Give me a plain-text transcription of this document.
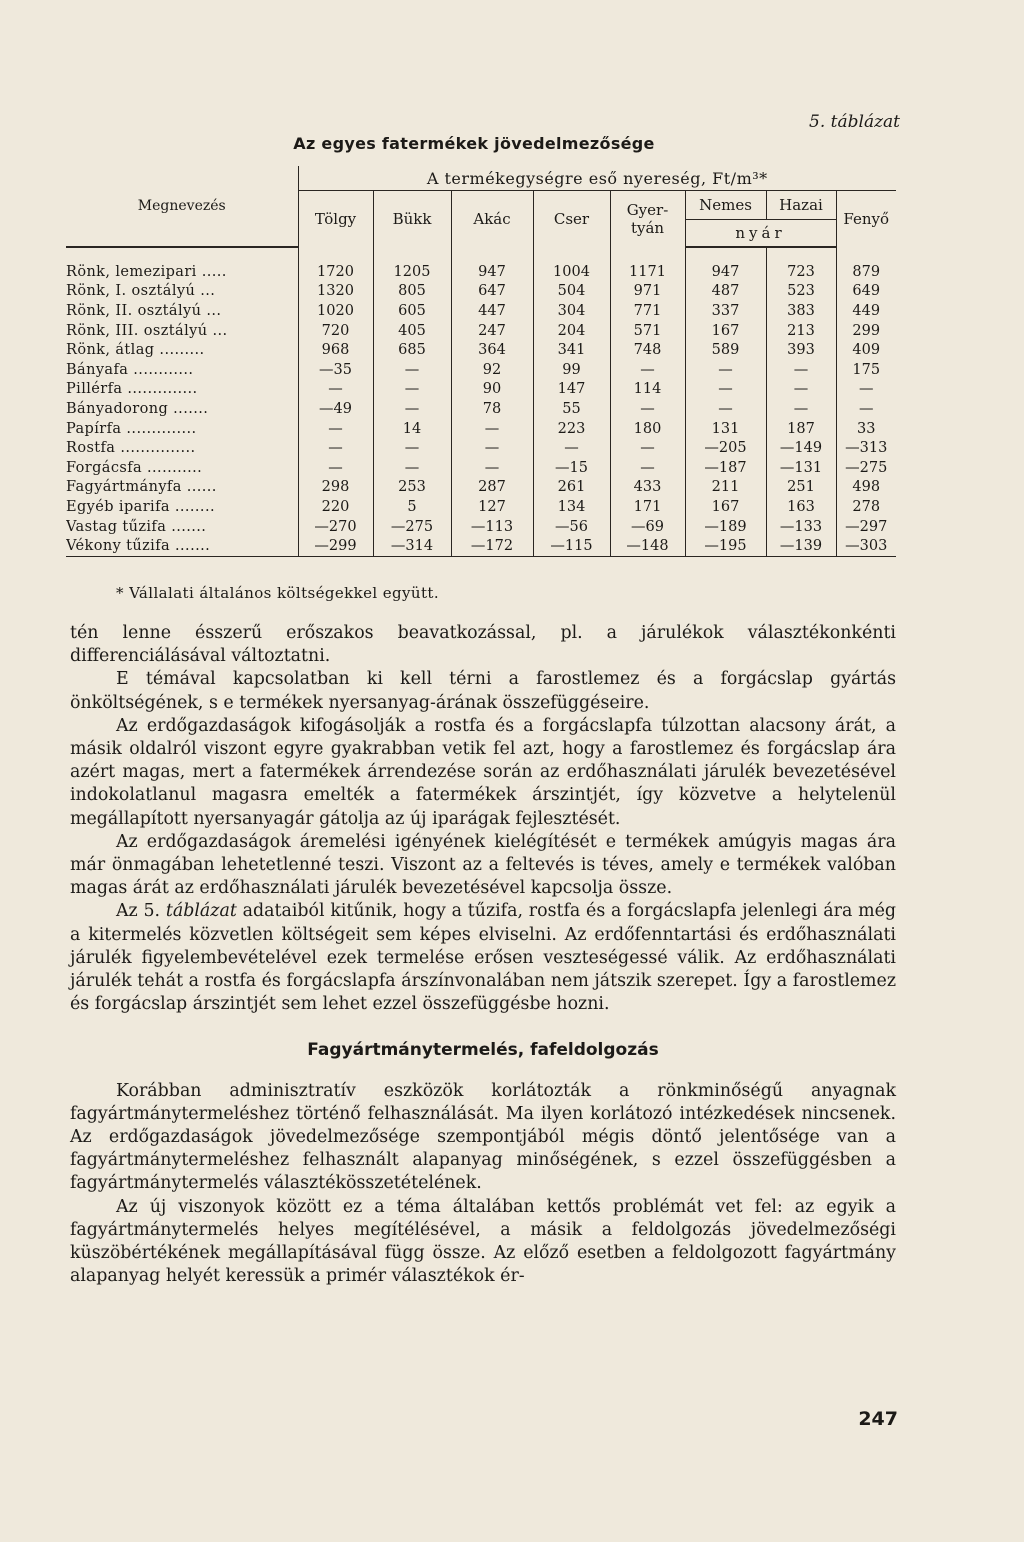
5. táblázat
Az egyes fatermékek jövedelmezősége
Megnevezés	A termékegységre eső nyereség, Ft/m³*							
	Tölgy	Bükk	Akác	Cser	Gyer-tyán	Nemes	Hazai	Fenyő
						nyár		

Rönk, lemezipari .....	1720	1205	947	1004	1171	947	723	879
Rönk, I. osztályú ...	1320	805	647	504	971	487	523	649
Rönk, II. osztályú ...	1020	605	447	304	771	337	383	449
Rönk, III. osztályú ...	720	405	247	204	571	167	213	299
Rönk, átlag .........	968	685	364	341	748	589	393	409
Bányafa ............	—35	—	92	99	—	—	—	175
Pillérfa ..............	—	—	90	147	114	—	—	—
Bányadorong .......	—49	—	78	55	—	—	—	—
Papírfa ..............	—	14	—	223	180	131	187	33
Rostfa ...............	—	—	—	—	—	—205	—149	—313
Forgácsfa ...........	—	—	—	—15	—	—187	—131	—275
Fagyártmányfa ......	298	253	287	261	433	211	251	498
Egyéb iparifa ........	220	5	127	134	171	167	163	278
Vastag tűzifa .......	—270	—275	—113	—56	—69	—189	—133	—297
Vékony tűzifa .......	—299	—314	—172	—115	—148	—195	—139	—303
* Vállalati általános költségekkel együtt.

tén lenne ésszerű erőszakos beavatkozással, pl. a járulékok választékonkénti differenciálásával változtatni.

E témával kapcsolatban ki kell térni a farostlemez és a forgácslap gyártás önköltségének, s e termékek nyersanyag-árának összefüggéseire.

Az erdőgazdaságok kifogásolják a rostfa és a forgácslapfa túlzottan alacsony árát, a másik oldalról viszont egyre gyakrabban vetik fel azt, hogy a farostlemez és forgácslap ára azért magas, mert a fatermékek árrendezése során az erdőhasználati járulék bevezetésével indokolatlanul magasra emelték a fatermékek árszintjét, így közvetve a helytelenül megállapított nyersanyagár gátolja az új iparágak fejlesztését.

Az erdőgazdaságok áremelési igényének kielégítését e termékek amúgyis magas ára már önmagában lehetetlenné teszi. Viszont az a feltevés is téves, amely e termékek valóban magas árát az erdőhasználati járulék bevezetésével kapcsolja össze.

Az 5. táblázat adataiból kitűnik, hogy a tűzifa, rostfa és a forgácslapfa jelenlegi ára még a kitermelés közvetlen költségeit sem képes elviselni. Az erdőfenntartási és erdőhasználati járulék figyelembevételével ezek termelése erősen veszteségessé válik. Az erdőhasználati járulék tehát a rostfa és forgácslapfa árszínvonalában nem játszik szerepet. Így a farostlemez és forgácslap árszintjét sem lehet ezzel összefüggésbe hozni.

Fagyártmánytermelés, fafeldolgozás

Korábban adminisztratív eszközök korlátozták a rönkminőségű anyagnak fagyártmánytermeléshez történő felhasználását. Ma ilyen korlátozó intézkedések nincsenek. Az erdőgazdaságok jövedelmezősége szempontjából mégis döntő jelentősége van a fagyártmánytermeléshez felhasznált alapanyag minőségének, s ezzel összefüggésben a fagyártmánytermelés választékösszetételének.

Az új viszonyok között ez a téma általában kettős problémát vet fel: az egyik a fagyártmánytermelés helyes megítélésével, a másik a feldolgozás jövedelmezőségi küszöbértékének megállapításával függ össze. Az előző esetben a feldolgozott fagyártmány alapanyag helyét keressük a primér választékok ér-

247
